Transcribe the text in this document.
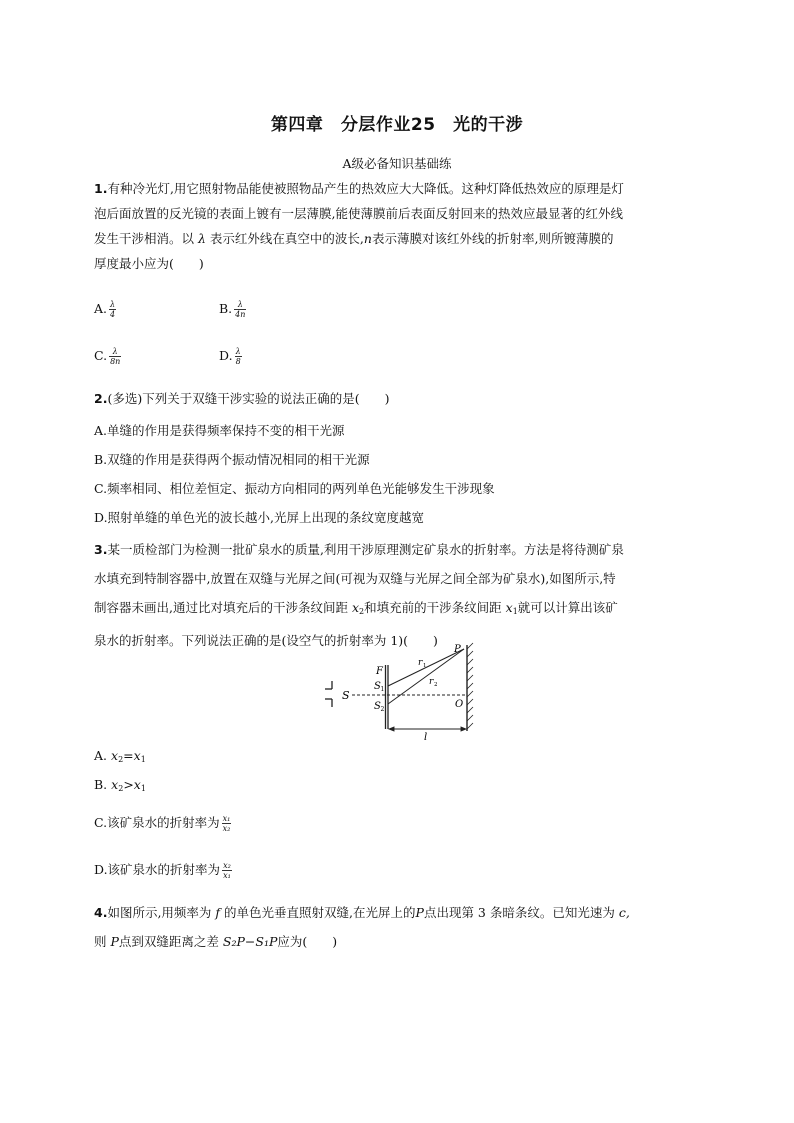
第四章　分层作业25　光的干涉
A级必备知识基础练
1.有种冷光灯,用它照射物品能使被照物品产生的热效应大大降低。这种灯降低热效应的原理是灯
泡后面放置的反光镜的表面上镀有一层薄膜,能使薄膜前后表面反射回来的热效应最显著的红外线
发生干涉相消。以 λ 表示红外线在真空中的波长,n表示薄膜对该红外线的折射率,则所镀薄膜的
厚度最小应为(　　)
A. $\frac{\lambda}{4}$	B. $\frac{\lambda}{4n}$
C. $\frac{\lambda}{8n}$	D. $\frac{\lambda}{8}$
2.(多选)下列关于双缝干涉实验的说法正确的是(　　)
A.单缝的作用是获得频率保持不变的相干光源
B.双缝的作用是获得两个振动情况相同的相干光源
C.频率相同、相位差恒定、振动方向相同的两列单色光能够发生干涉现象
D.照射单缝的单色光的波长越小,光屏上出现的条纹宽度越宽
3.某一质检部门为检测一批矿泉水的质量,利用干涉原理测定矿泉水的折射率。方法是将待测矿泉
水填充到特制容器中,放置在双缝与光屏之间(可视为双缝与光屏之间全部为矿泉水),如图所示,特
制容器未画出,通过比对填充后的干涉条纹间距 $x_2$和填充前的干涉条纹间距 $x_1$就可以计算出该矿
泉水的折射率。下列说法正确的是(设空气的折射率为 1)(　　)
S
F
S 1
S 2
r 1
r 2
P
O
l
A. $x_2=x_1$
B. $x_2>x_1$
C.该矿泉水的折射率为 $\frac{\text{x₁}}{\text{x₂}}$
D.该矿泉水的折射率为 $\frac{\text{x₂}}{\text{x₁}}$
4.如图所示,用频率为 f 的单色光垂直照射双缝,在光屏上的P点出现第 3 条暗条纹。已知光速为 c,
则 P点到双缝距离之差 S₂P−S₁P应为(　　)
